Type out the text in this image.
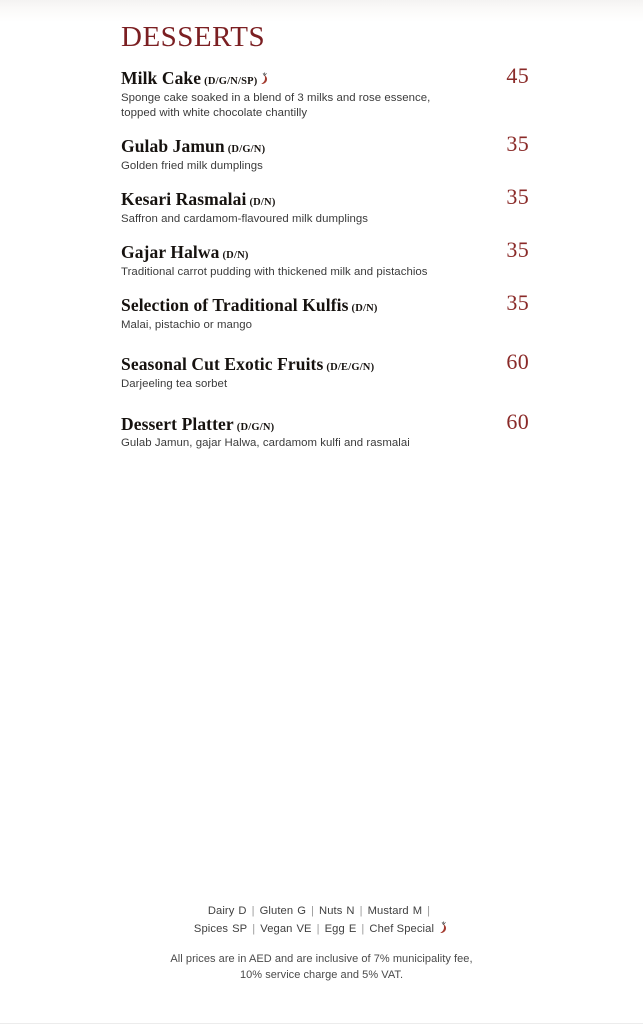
DESSERTS
Milk Cake (D/G/N/SP)
Sponge cake soaked in a blend of 3 milks and rose essence, topped with white chocolate chantilly
45
Gulab Jamun (D/G/N)
Golden fried milk dumplings
35
Kesari Rasmalai (D/N)
Saffron and cardamom-flavoured milk dumplings
35
Gajar Halwa (D/N)
Traditional carrot pudding with thickened milk and pistachios
35
Selection of Traditional Kulfis (D/N)
Malai, pistachio or mango
35
Seasonal Cut Exotic Fruits (D/E/G/N)
Darjeeling tea sorbet
60
Dessert Platter (D/G/N)
Gulab Jamun, gajar Halwa, cardamom kulfi and rasmalai
60
Dairy D | Gluten G | Nuts N | Mustard M |
Spices SP | Vegan VE | Egg E | Chef Special
All prices are in AED and are inclusive of 7% municipality fee,
10% service charge and 5% VAT.
